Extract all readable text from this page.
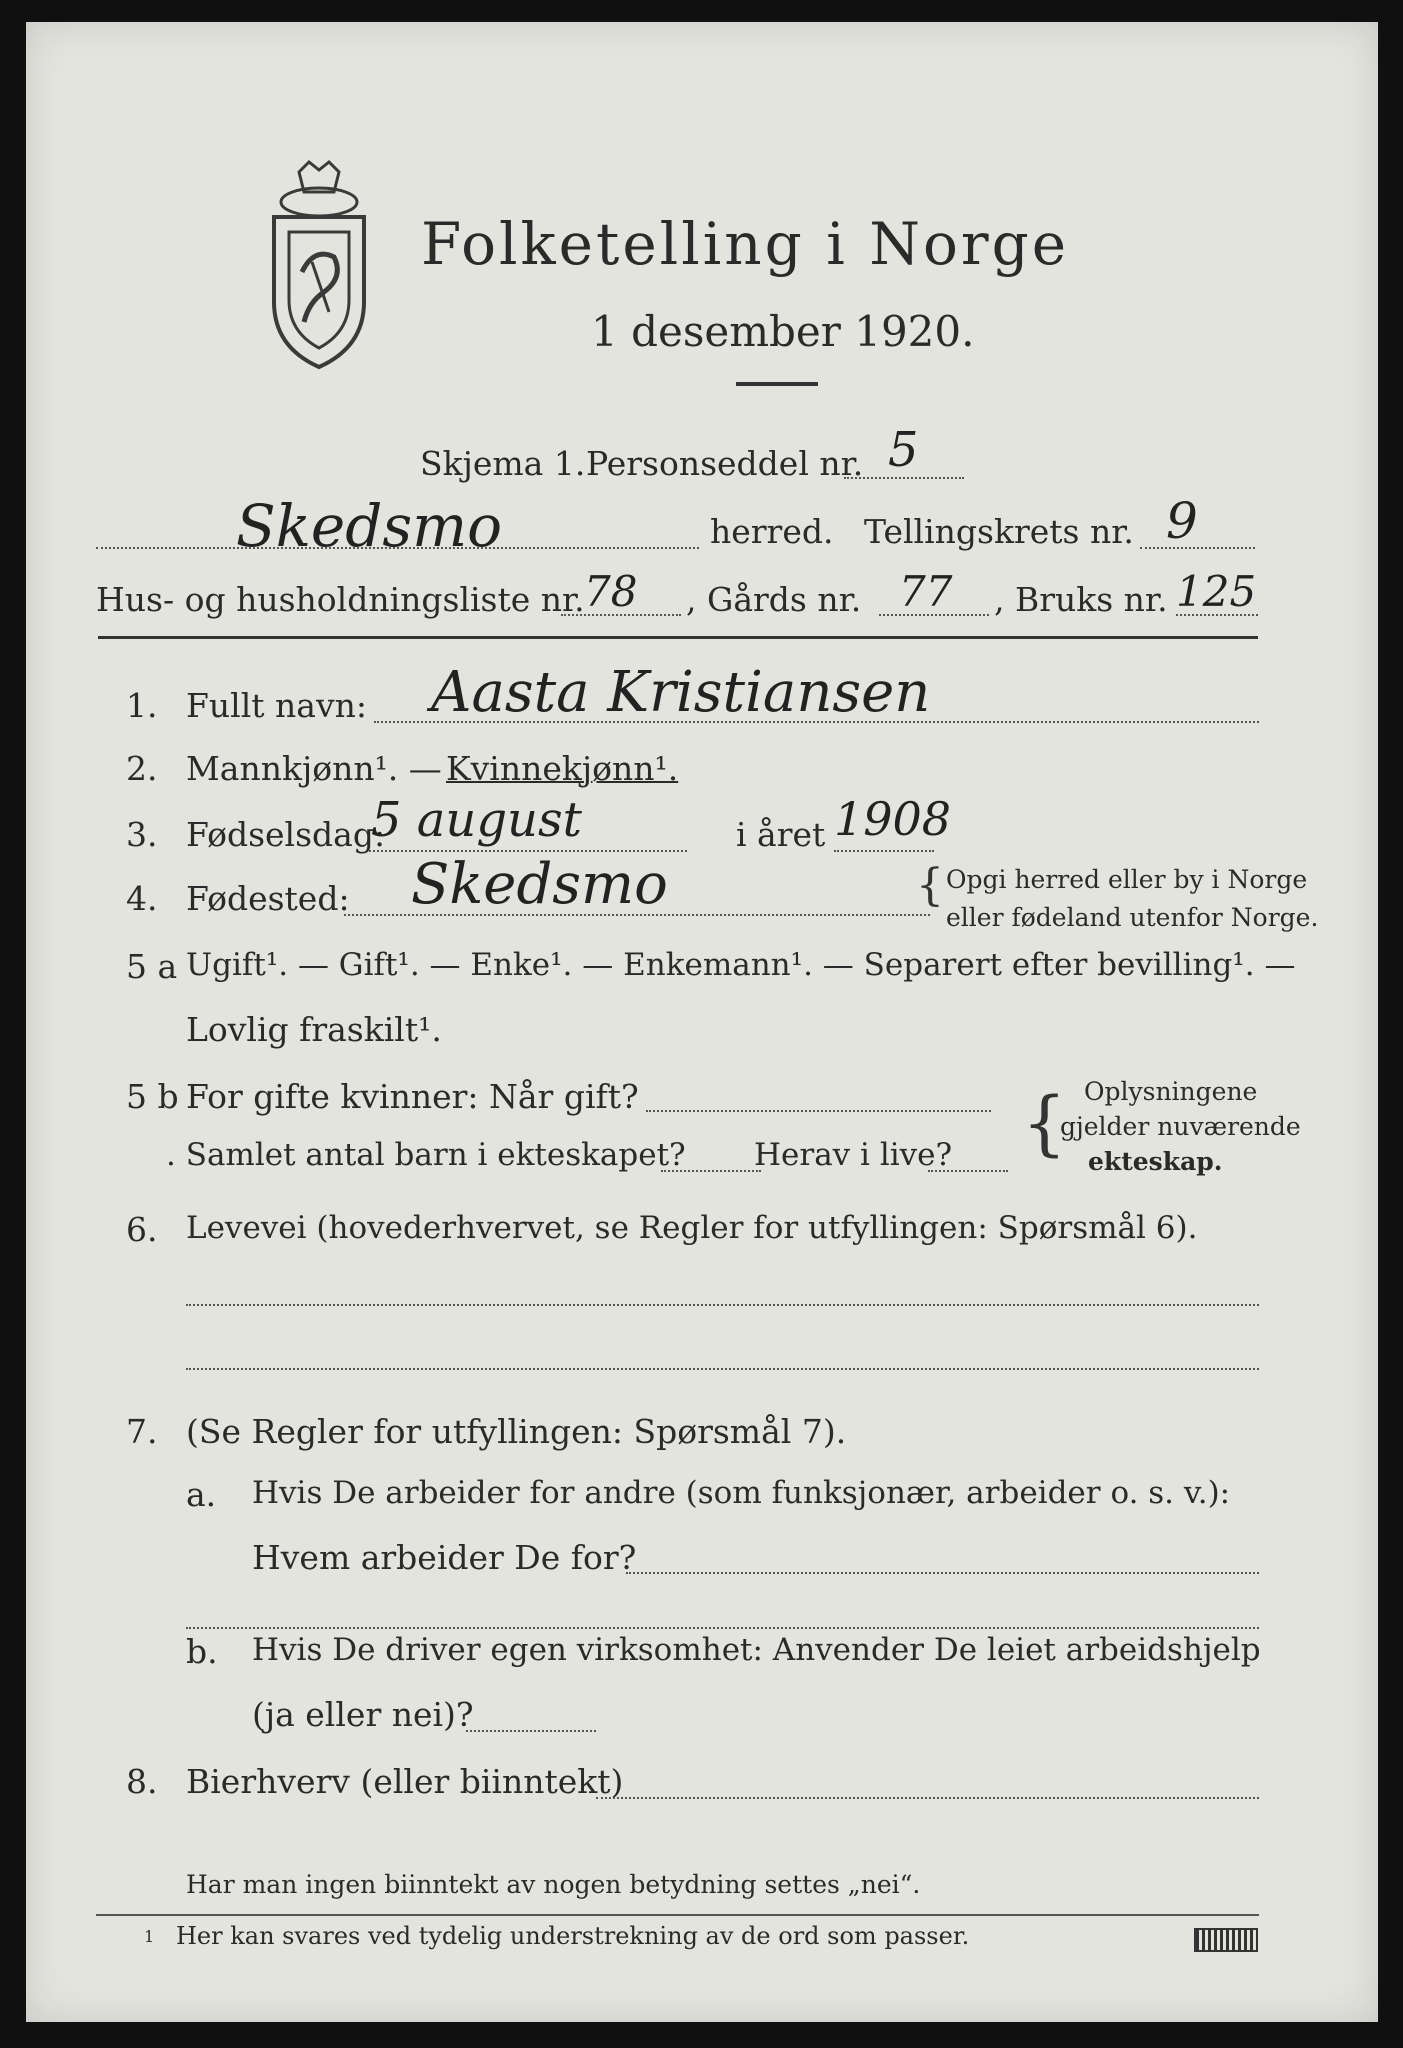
Folketelling i Norge
1 desember 1920.
Skjema 1. Personseddel nr. 5
Skedsmo	herred. Tellingskrets nr. 9
Hus- og husholdningsliste nr. 78 , Gårds nr. 77 , Bruks nr. 125
1. Fullt navn: Aasta Kristiansen
2. Mannkjønn¹. — Kvinnekjønn¹.
3. Fødselsdag:
5 august	i året 1908
4. Fødested: Skedsmo	{ Opgi herred eller by i Norge
eller fødeland utenfor Norge.
5 a Ugift¹. — Gift¹. — Enke¹. — Enkemann¹. — Separert efter bevilling¹. —
Lovlig fraskilt¹.
5 b For gifte kvinner: Når gift?
. Samlet antal barn i ekteskapet? Herav i live? { Oplysningene
gjelder nuværende
ekteskap.
6. Levevei (hovederhvervet, se Regler for utfyllingen: Spørsmål 6).
7. (Se Regler for utfyllingen: Spørsmål 7).
a. Hvis De arbeider for andre (som funksjonær, arbeider o. s. v.):
Hvem arbeider De for?
b. Hvis De driver egen virksomhet: Anvender De leiet arbeidshjelp
(ja eller nei)?
8. Bierhverv (eller biinntekt)
Har man ingen biinntekt av nogen betydning settes „nei“.
1 Her kan svares ved tydelig understrekning av de ord som passer.
